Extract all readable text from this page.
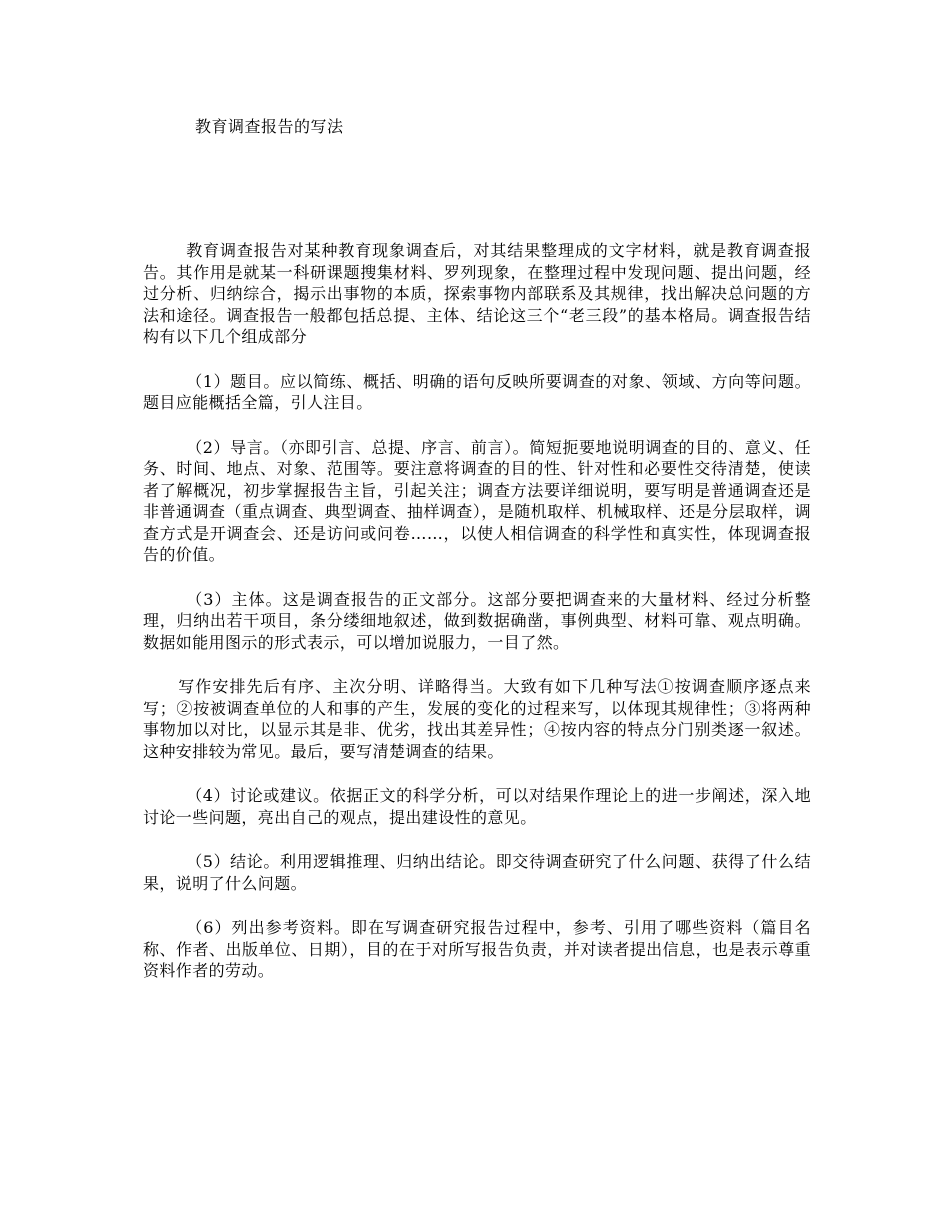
教育调查报告的写法

教育调查报告对某种教育现象调查后，对其结果整理成的文字材料，就是教育调查报告。其作用是就某一科研课题搜集材料、罗列现象，在整理过程中发现问题、提出问题，经过分析、归纳综合，揭示出事物的本质，探索事物内部联系及其规律，找出解决总问题的方法和途径。调查报告一般都包括总提、主体、结论这三个“老三段”的基本格局。调查报告结构有以下几个组成部分

（1）题目。应以简练、概括、明确的语句反映所要调查的对象、领域、方向等问题。题目应能概括全篇，引人注目。

（2）导言。（亦即引言、总提、序言、前言）。简短扼要地说明调查的目的、意义、任务、时间、地点、对象、范围等。要注意将调查的目的性、针对性和必要性交待清楚，使读者了解概况，初步掌握报告主旨，引起关注；调查方法要详细说明，要写明是普通调查还是非普通调查（重点调查、典型调查、抽样调查），是随机取样、机械取样、还是分层取样，调查方式是开调查会、还是访问或问卷……，以使人相信调查的科学性和真实性，体现调查报告的价值。

（3）主体。这是调查报告的正文部分。这部分要把调查来的大量材料、经过分析整理，归纳出若干项目，条分缕细地叙述，做到数据确凿，事例典型、材料可靠、观点明确。数据如能用图示的形式表示，可以增加说服力，一目了然。

写作安排先后有序、主次分明、详略得当。大致有如下几种写法①按调查顺序逐点来写；②按被调查单位的人和事的产生，发展的变化的过程来写，以体现其规律性；③将两种事物加以对比，以显示其是非、优劣，找出其差异性；④按内容的特点分门别类逐一叙述。这种安排较为常见。最后，要写清楚调查的结果。

（4）讨论或建议。依据正文的科学分析，可以对结果作理论上的进一步阐述，深入地讨论一些问题，亮出自己的观点，提出建设性的意见。

（5）结论。利用逻辑推理、归纳出结论。即交待调查研究了什么问题、获得了什么结果，说明了什么问题。

（6）列出参考资料。即在写调查研究报告过程中，参考、引用了哪些资料（篇目名称、作者、出版单位、日期），目的在于对所写报告负责，并对读者提出信息，也是表示尊重资料作者的劳动。
